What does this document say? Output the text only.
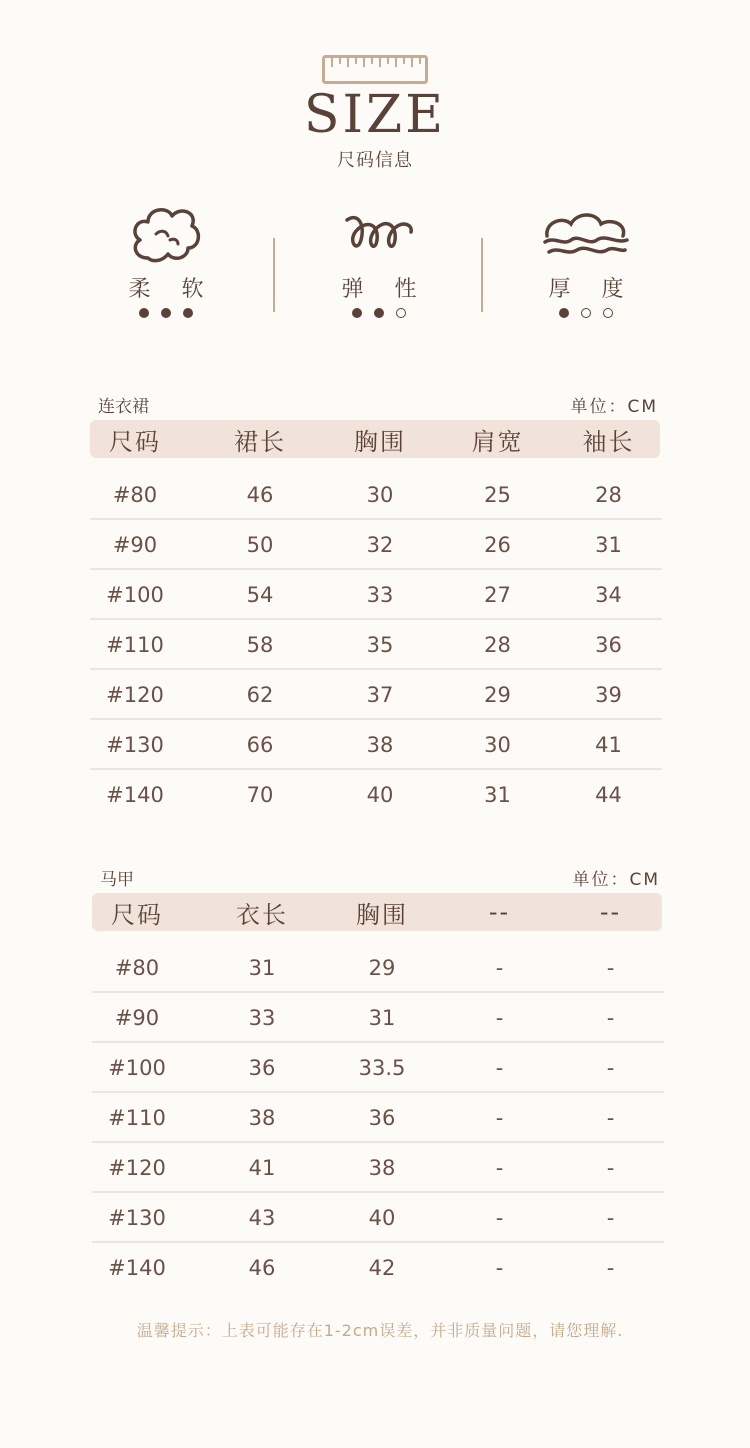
SIZE
尺码信息
柔 软	弹 性	厚 度
连衣裙	单位：CM
尺码	裙长	胸围	肩宽	袖长
#80	46	30	25	28
#90	50	32	26	31
#100	54	33	27	34
#110	58	35	28	36
#120	62	37	29	39
#130	66	38	30	41
#140	70	40	31	44
马甲	单位：CM
尺码	衣长	胸围	--	--
#80	31	29	-	-
#90	33	31	-	-
#100	36	33.5	-	-
#110	38	36	-	-
#120	41	38	-	-
#130	43	40	-	-
#140	46	42	-	-
温馨提示：上表可能存在1-2cm误差，并非质量问题，请您理解.
